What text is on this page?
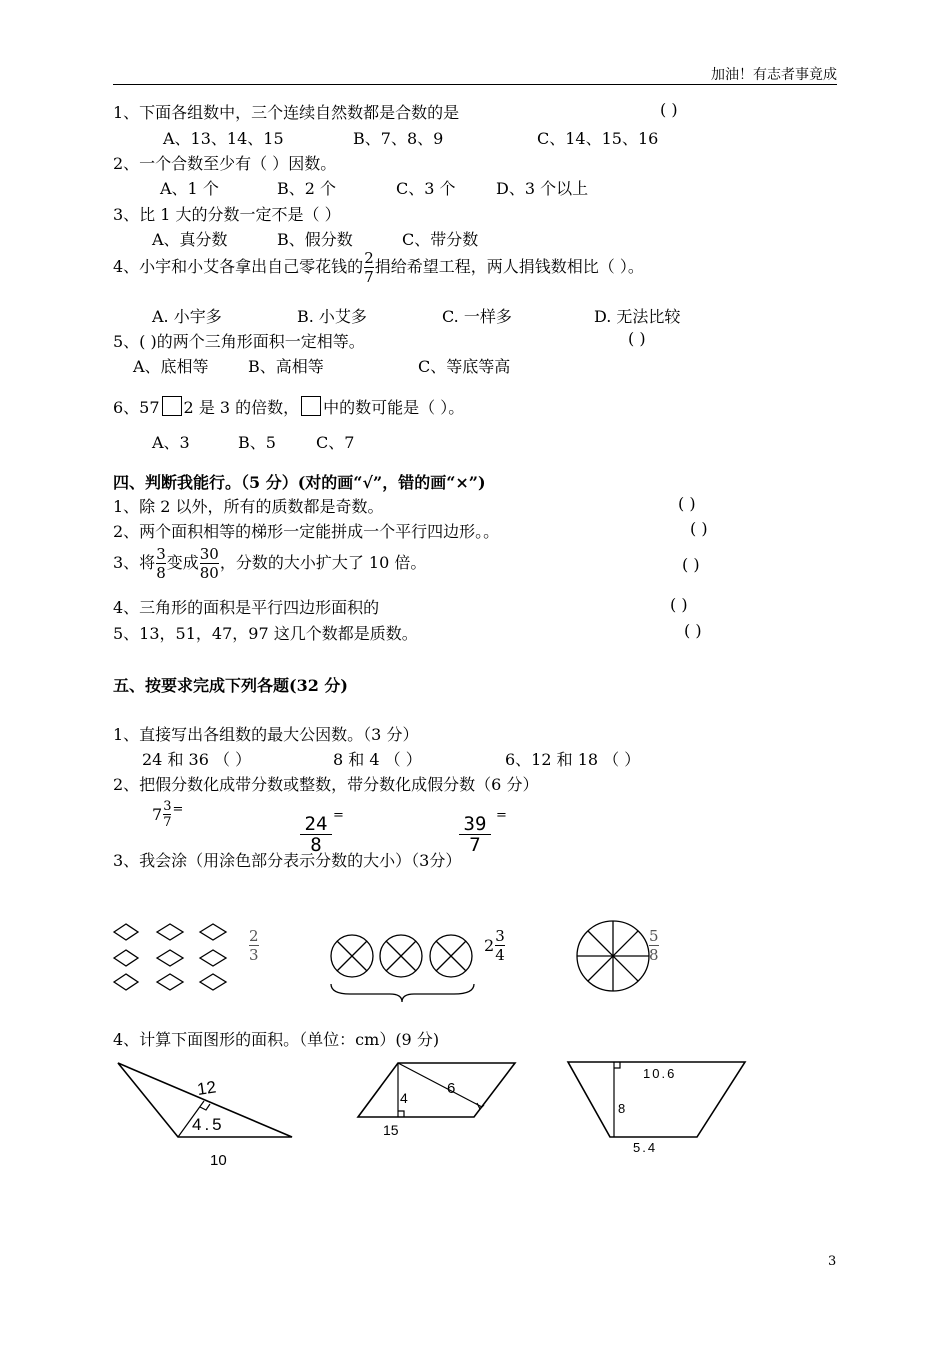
加油！有志者事竟成
1、下面各组数中，三个连续自然数都是合数的是	( )
A、13、14、15	B、7、8、9	C、14、15、16
2、一个合数至少有（ ）因数。
A、1 个	B、2 个	C、3 个	D、3 个以上
3、比 1 大的分数一定不是（ ）
A、真分数	B、假分数	C、带分数
4、小宇和小艾各拿出自己零花钱的 $\frac{2}{7}$ 捐给希望工程，两人捐钱数相比（ ）。
A. 小宇多	B. 小艾多	C. 一样多	D. 无法比较
5、( )的两个三角形面积一定相等。	( )
A、底相等 B、高相等	C、等底等高
6、57 2 是 3 的倍数， 中的数可能是（ ）。
A、3	B、5	C、7
四、判断我能行。（5 分）(对的画“√”，错的画“×”)
1、除 2 以外，所有的质数都是奇数。	( )
2、两个面积相等的梯形一定能拼成一个平行四边形。。	( )
3、将 $\frac{3}{8}$ 变成 $\frac{30}{80}$ ，分数的大小扩大了 10 倍。	( )
4、三角形的面积是平行四边形面积的	( )
5、13，51，47，97 这几个数都是质数。	( )
五、按要求完成下列各题(32 分)
1、直接写出各组数的最大公因数。（3 分）
24 和 36 （ ）	8 和 4 （ ）	6、12 和 18 （ ）
2、把假分数化成带分数或整数，带分数化成假分数（6 分）
$7 \frac{3}{7} ^=$
24
8
=	39
7
=
3、我会涂（用涂色部分表示分数的大小）（3分）
2
3	$2 \frac{3}{4}$	5
8
4、计算下面图形的面积。（单位：cm）(9 分)
12
4.5
10
6
4
15
10.6
8
5.4
3
